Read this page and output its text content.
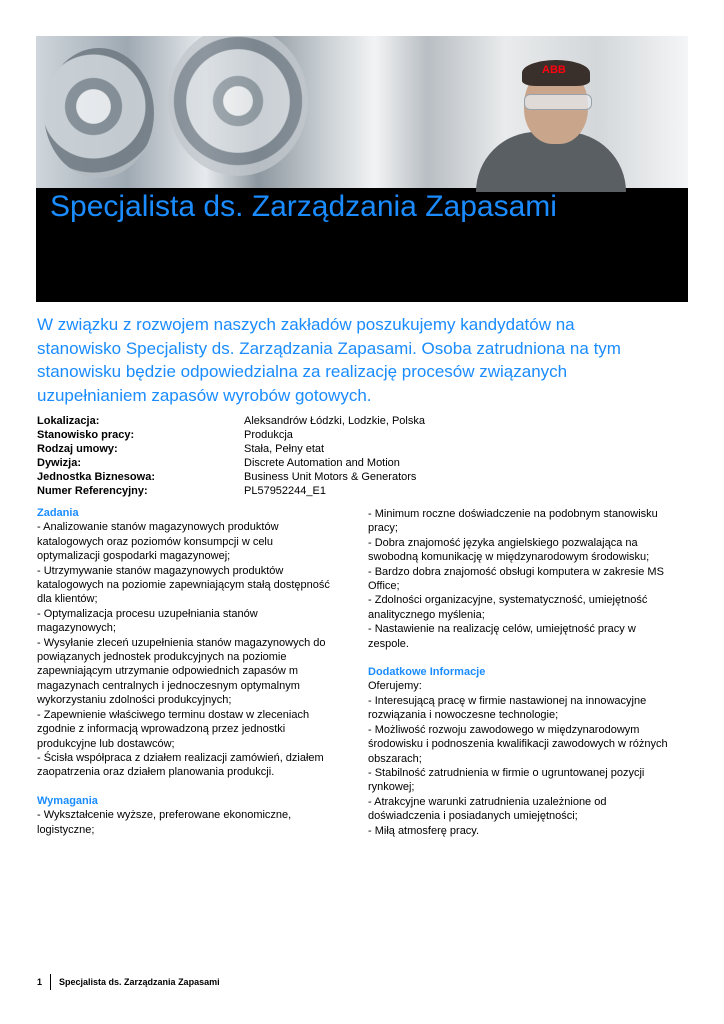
ABB
Specjalista ds. Zarządzania Zapasami

W związku z rozwojem naszych zakładów poszukujemy kandydatów na stanowisko Specjalisty ds. Zarządzania Zapasami. Osoba zatrudniona na tym stanowisku będzie odpowiedzialna za realizację procesów związanych uzupełnianiem zapasów wyrobów gotowych.

Lokalizacja:	Aleksandrów Łódzki, Lodzkie, Polska
Stanowisko pracy:	Produkcja
Rodzaj umowy:	Stała, Pełny etat
Dywizja:	Discrete Automation and Motion
Jednostka Biznesowa:	Business Unit Motors & Generators
Numer Referencyjny:	PL57952244_E1

Zadania

- Analizowanie stanów magazynowych produktów

katalogowych oraz poziomów konsumpcji w celu

optymalizacji gospodarki magazynowej;

- Utrzymywanie stanów magazynowych produktów

katalogowych na poziomie zapewniającym stałą dostępność

dla klientów;

- Optymalizacja procesu uzupełniania stanów

magazynowych;

- Wysyłanie zleceń uzupełnienia stanów magazynowych do

powiązanych jednostek produkcyjnych na poziomie

zapewniającym utrzymanie odpowiednich zapasów m

magazynach centralnych i jednoczesnym optymalnym

wykorzystaniu zdolności produkcyjnych;

- Zapewnienie właściwego terminu dostaw w zleceniach

zgodnie z informacją wprowadzoną przez jednostki

produkcyjne lub dostawców;

- Ścisła współpraca z działem realizacji zamówień, działem

zaopatrzenia oraz działem planowania produkcji.

Wymagania

- Wykształcenie wyższe, preferowane ekonomiczne,

logistyczne;

- Minimum roczne doświadczenie na podobnym stanowisku

pracy;

- Dobra znajomość języka angielskiego pozwalająca na

swobodną komunikację w międzynarodowym środowisku;

- Bardzo dobra znajomość obsługi komputera w zakresie MS

Office;

- Zdolności organizacyjne, systematyczność, umiejętność

analitycznego myślenia;

- Nastawienie na realizację celów, umiejętność pracy w

zespole.

Dodatkowe Informacje

Oferujemy:

- Interesującą pracę w firmie nastawionej na innowacyjne

rozwiązania i nowoczesne technologie;

- Możliwość rozwoju zawodowego w międzynarodowym

środowisku i podnoszenia kwalifikacji zawodowych w różnych

obszarach;

- Stabilność zatrudnienia w firmie o ugruntowanej pozycji

rynkowej;

- Atrakcyjne warunki zatrudnienia uzależnione od

doświadczenia i posiadanych umiejętności;

- Miłą atmosferę pracy.

1 Specjalista ds. Zarządzania Zapasami
